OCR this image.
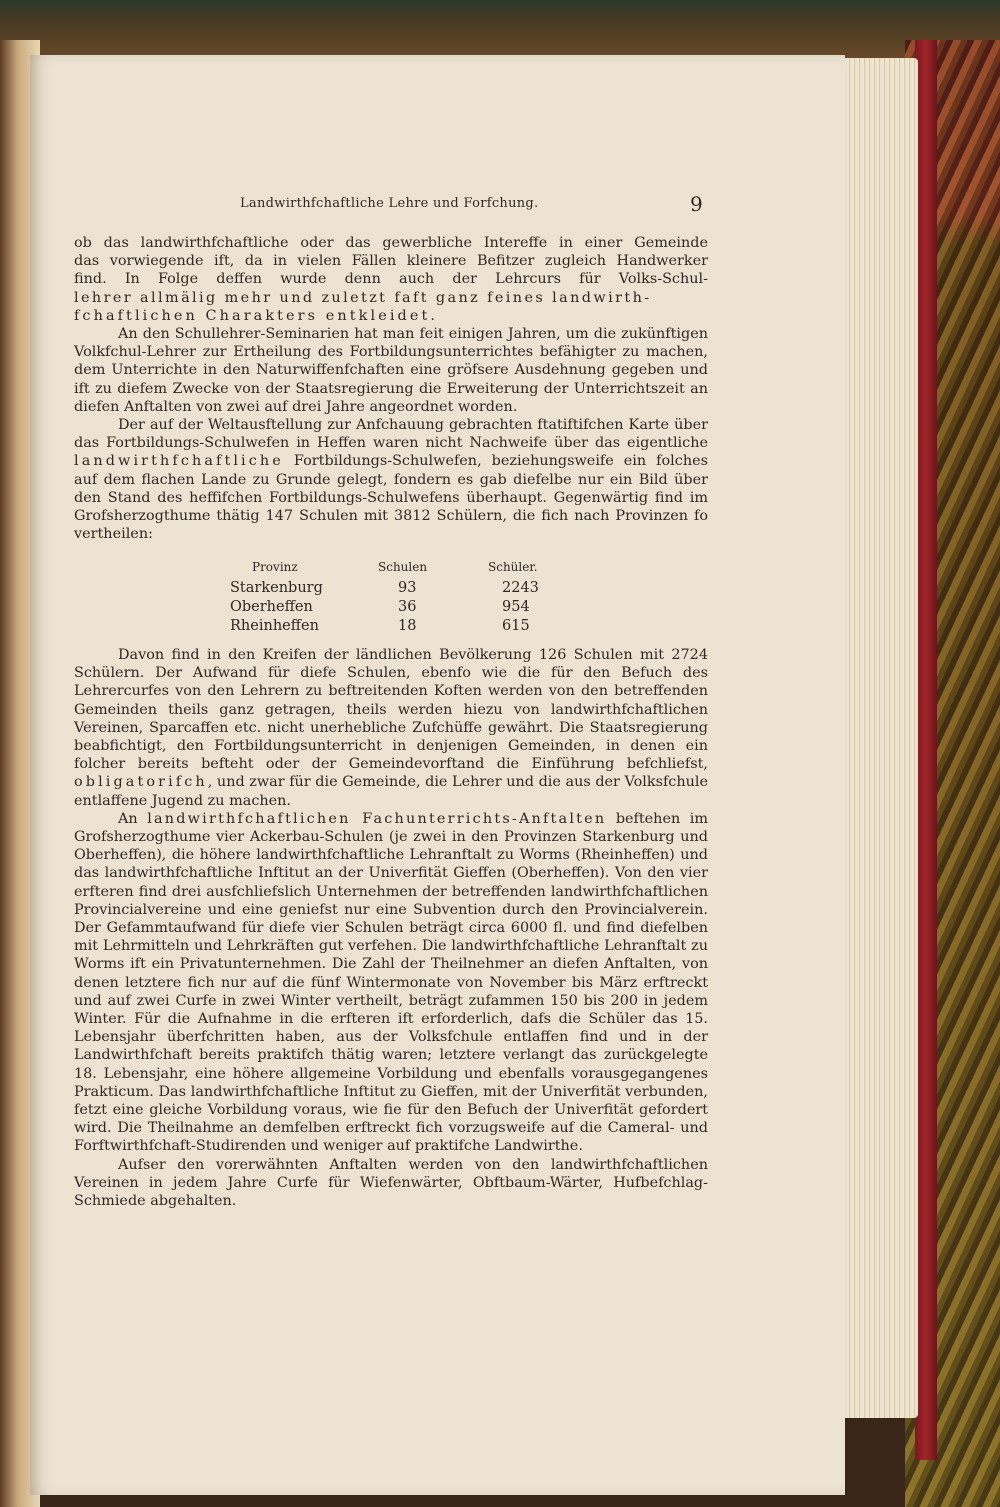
Landwirthfchaftliche Lehre und Forfchung.	9

ob das landwirthfchaftliche oder das gewerbliche Intereffe in einer Gemeinde

das vorwiegende ift, da in vielen Fällen kleinere Befitzer zugleich Handwerker

find. In Folge deffen wurde denn auch der Lehrcurs für Volks-Schul-

lehrer allmälig mehr und zuletzt faft ganz feines landwirth-

fchaftlichen Charakters entkleidet.

An den Schullehrer-Seminarien hat man feit einigen Jahren, um die zukünftigen Volkfchul-Lehrer zur Ertheilung des Fortbildungsunterrichtes befähigter zu machen, dem Unterrichte in den Naturwiffenfchaften eine gröfsere Ausdehnung gegeben und ift zu diefem Zwecke von der Staatsregierung die Erweiterung der Unterrichtszeit an diefen Anftalten von zwei auf drei Jahre angeordnet worden.

Der auf der Weltausftellung zur Anfchauung gebrachten ftatiftifchen Karte über das Fortbildungs-Schulwefen in Heffen waren nicht Nachweife über das eigentliche landwirthfchaftliche Fortbildungs-Schulwefen, beziehungsweife ein folches auf dem flachen Lande zu Grunde gelegt, fondern es gab diefelbe nur ein Bild über den Stand des heffifchen Fortbildungs-Schulwefens überhaupt. Gegenwärtig find im Grofsherzogthume thätig 147 Schulen mit 3812 Schülern, die fich nach Provinzen fo vertheilen:

Provinz	Schulen	Schüler.
Starkenburg	93	2243
Oberheffen	36	954
Rheinheffen	18	615

Davon find in den Kreifen der ländlichen Bevölkerung 126 Schulen mit 2724 Schülern. Der Aufwand für diefe Schulen, ebenfo wie die für den Befuch des Lehrercurfes von den Lehrern zu beftreitenden Koften werden von den betreffenden Gemeinden theils ganz getragen, theils werden hiezu von landwirthfchaftlichen Vereinen, Sparcaffen etc. nicht unerhebliche Zufchüffe gewährt. Die Staatsregierung beabfichtigt, den Fortbildungsunterricht in denjenigen Gemeinden, in denen ein folcher bereits befteht oder der Gemeindevorftand die Einführung befchliefst, obligatorifch, und zwar für die Gemeinde, die Lehrer und die aus der Volksfchule entlaffene Jugend zu machen.

An landwirthfchaftlichen Fachunterrichts-Anftalten beftehen im Grofsherzogthume vier Ackerbau-Schulen (je zwei in den Provinzen Starkenburg und Oberheffen), die höhere landwirthfchaftliche Lehranftalt zu Worms (Rheinheffen) und das landwirthfchaftliche Inftitut an der Univerfität Gieffen (Oberheffen). Von den vier erfteren find drei ausfchliefslich Unternehmen der betreffenden landwirthfchaftlichen Provincialvereine und eine geniefst nur eine Subvention durch den Provincialverein. Der Gefammtaufwand für diefe vier Schulen beträgt circa 6000 fl. und find diefelben mit Lehrmitteln und Lehrkräften gut verfehen. Die landwirthfchaftliche Lehranftalt zu Worms ift ein Privatunternehmen. Die Zahl der Theilnehmer an diefen Anftalten, von denen letztere fich nur auf die fünf Wintermonate von November bis März erftreckt und auf zwei Curfe in zwei Winter vertheilt, beträgt zufammen 150 bis 200 in jedem Winter. Für die Aufnahme in die erfteren ift erforderlich, dafs die Schüler das 15. Lebensjahr überfchritten haben, aus der Volksfchule entlaffen find und in der Landwirthfchaft bereits praktifch thätig waren; letztere verlangt das zurückgelegte 18. Lebensjahr, eine höhere allgemeine Vorbildung und ebenfalls vorausgegangenes Prakticum. Das landwirthfchaftliche Inftitut zu Gieffen, mit der Univerfität verbunden, fetzt eine gleiche Vorbildung voraus, wie fie für den Befuch der Univerfität gefordert wird. Die Theilnahme an demfelben erftreckt fich vorzugsweife auf die Cameral- und Forftwirthfchaft-Studirenden und weniger auf praktifche Landwirthe.

Aufser den vorerwähnten Anftalten werden von den landwirthfchaftlichen Vereinen in jedem Jahre Curfe für Wiefenwärter, Obftbaum-Wärter, Hufbefchlag-Schmiede abgehalten.
